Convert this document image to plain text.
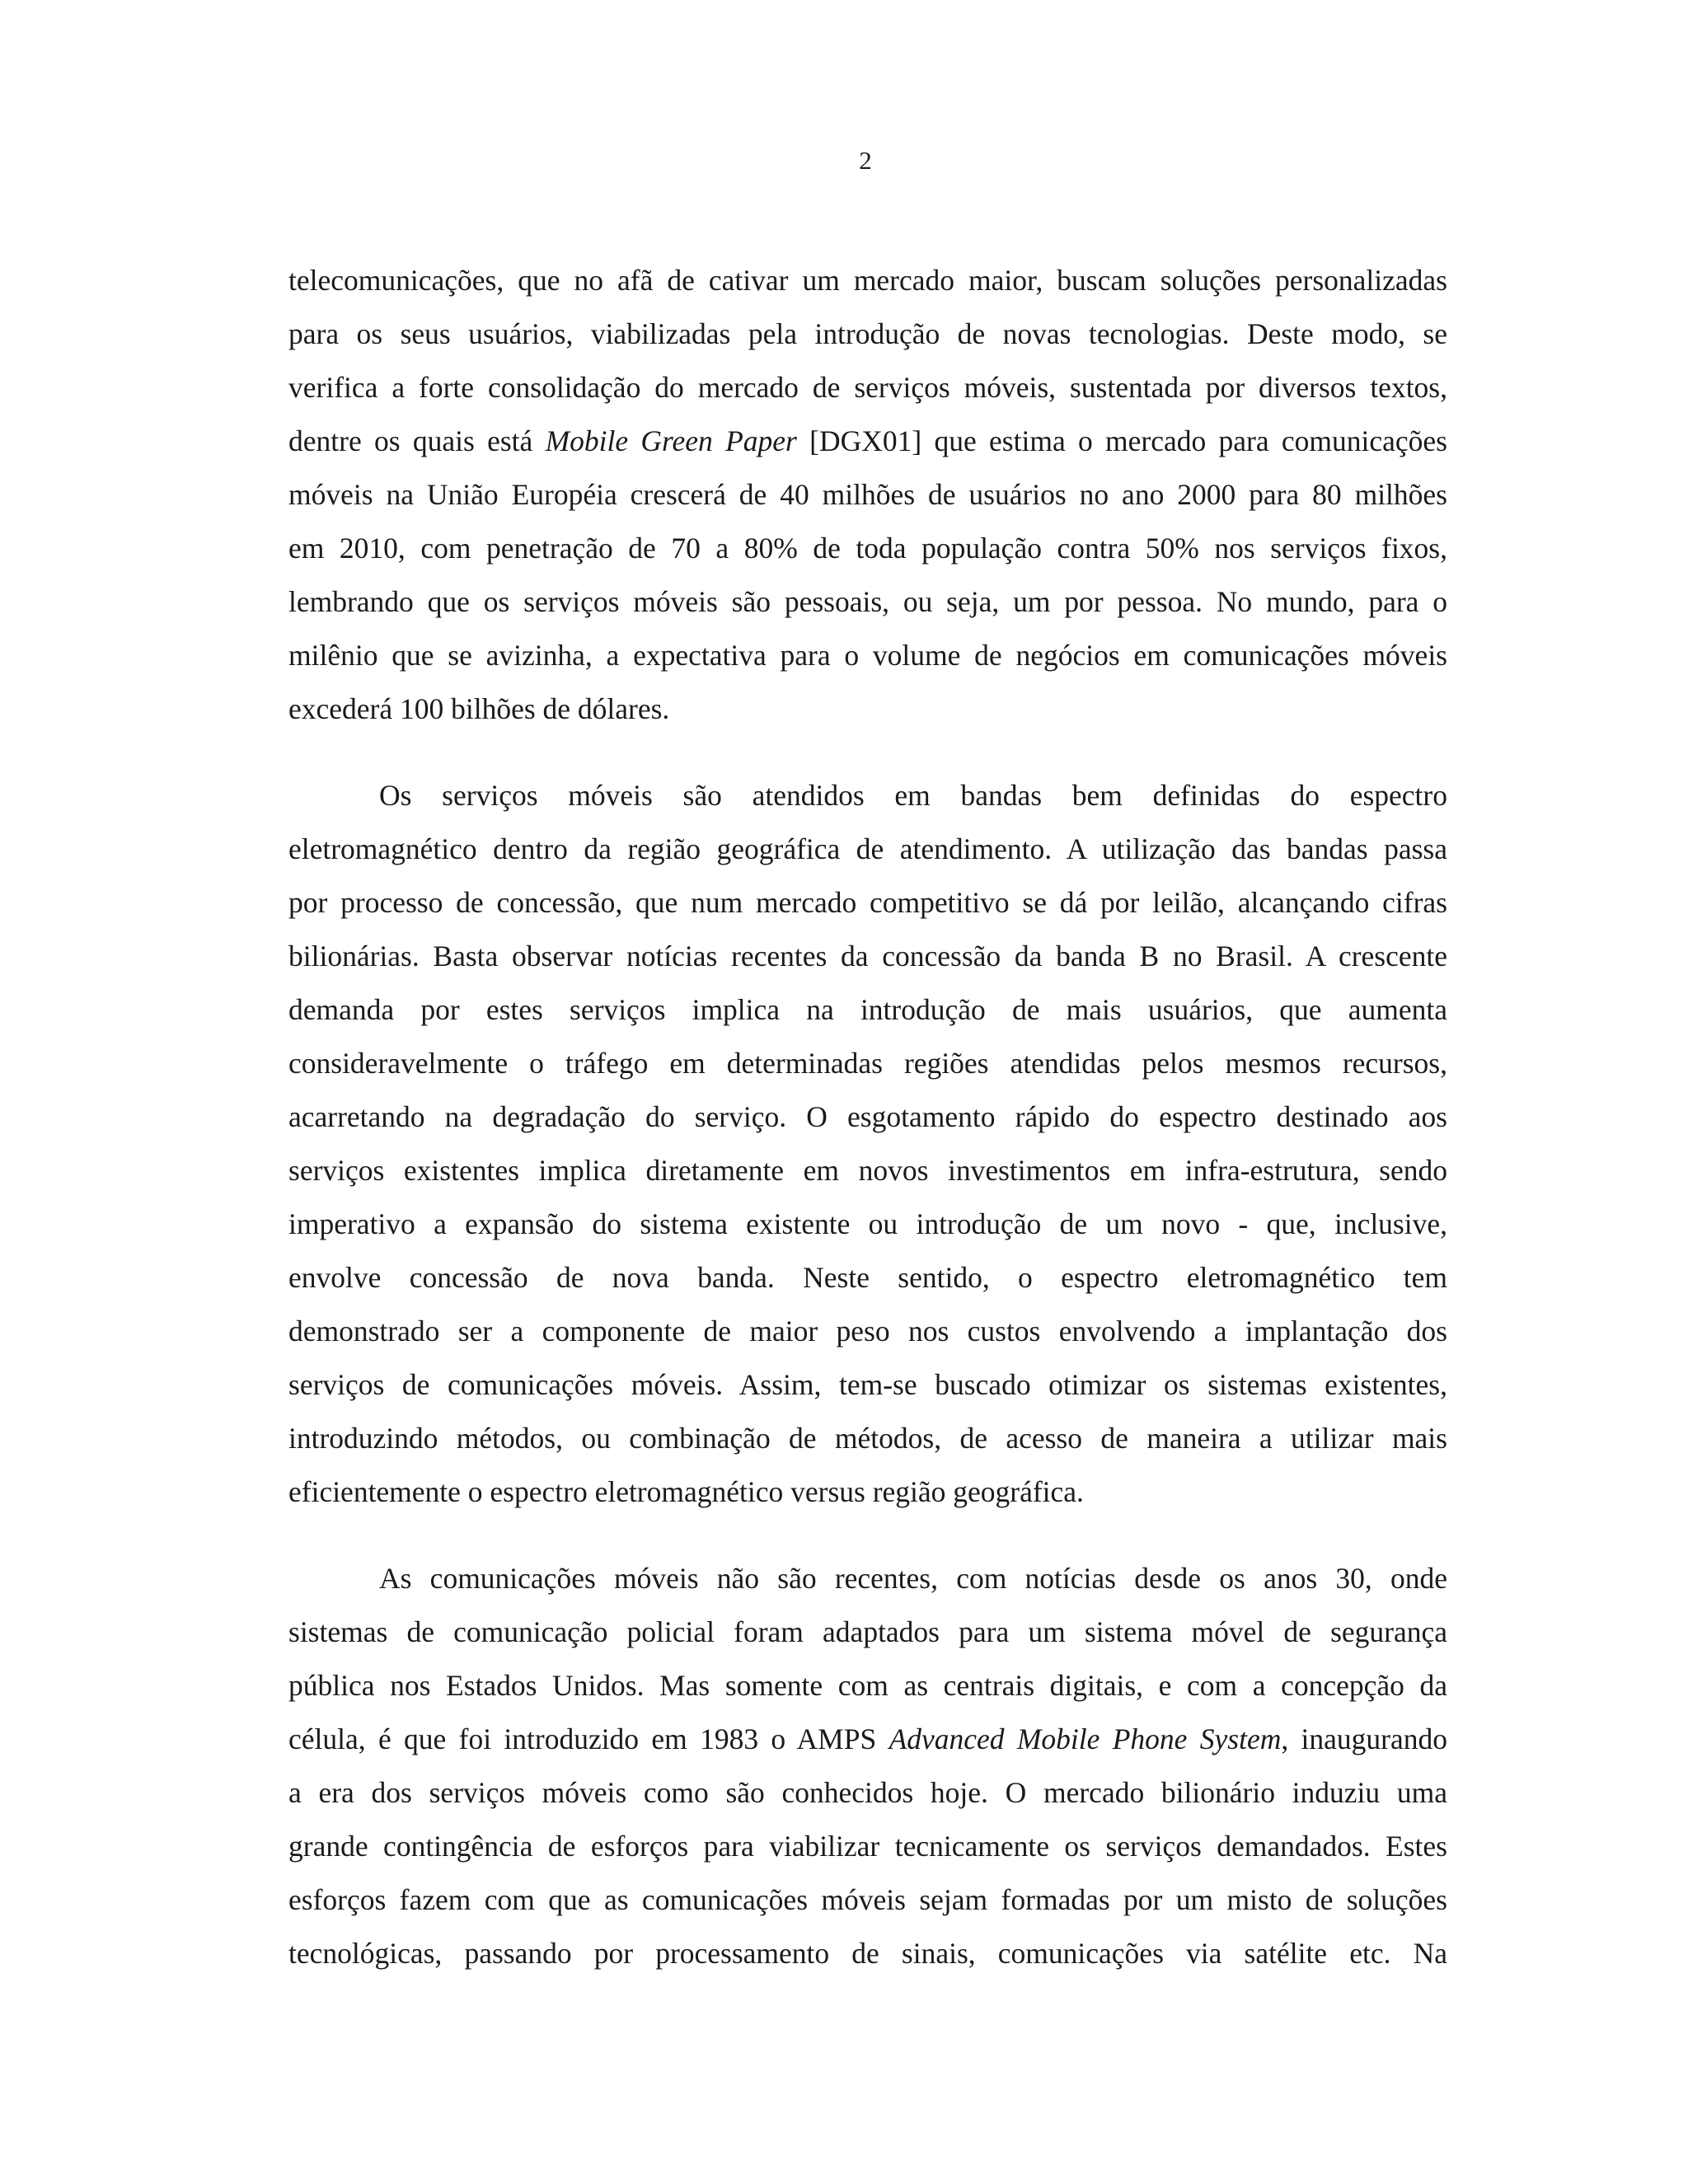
2

telecomunicações, que no afã de cativar um mercado maior, buscam soluções personalizadas
para os seus usuários, viabilizadas pela introdução de novas tecnologias. Deste modo, se
verifica a forte consolidação do mercado de serviços móveis, sustentada por diversos textos,
dentre os quais está Mobile Green Paper [DGX01] que estima o mercado para comunicações
móveis na União Européia crescerá de 40 milhões de usuários no ano 2000 para 80 milhões
em 2010, com penetração de 70 a 80% de toda população contra 50% nos serviços fixos,
lembrando que os serviços móveis são pessoais, ou seja, um por pessoa. No mundo, para o
milênio que se avizinha, a expectativa para o volume de negócios em comunicações móveis
excederá 100 bilhões de dólares.

Os serviços móveis são atendidos em bandas bem definidas do espectro
eletromagnético dentro da região geográfica de atendimento. A utilização das bandas passa
por processo de concessão, que num mercado competitivo se dá por leilão, alcançando cifras
bilionárias. Basta observar notícias recentes da concessão da banda B no Brasil. A crescente
demanda por estes serviços implica na introdução de mais usuários, que aumenta
consideravelmente o tráfego em determinadas regiões atendidas pelos mesmos recursos,
acarretando na degradação do serviço. O esgotamento rápido do espectro destinado aos
serviços existentes implica diretamente em novos investimentos em infra-estrutura, sendo
imperativo a expansão do sistema existente ou introdução de um novo - que, inclusive,
envolve concessão de nova banda. Neste sentido, o espectro eletromagnético tem
demonstrado ser a componente de maior peso nos custos envolvendo a implantação dos
serviços de comunicações móveis. Assim, tem-se buscado otimizar os sistemas existentes,
introduzindo métodos, ou combinação de métodos, de acesso de maneira a utilizar mais
eficientemente o espectro eletromagnético versus região geográfica.

As comunicações móveis não são recentes, com notícias desde os anos 30, onde
sistemas de comunicação policial foram adaptados para um sistema móvel de segurança
pública nos Estados Unidos. Mas somente com as centrais digitais, e com a concepção da
célula, é que foi introduzido em 1983 o AMPS Advanced Mobile Phone System, inaugurando
a era dos serviços móveis como são conhecidos hoje. O mercado bilionário induziu uma
grande contingência de esforços para viabilizar tecnicamente os serviços demandados. Estes
esforços fazem com que as comunicações móveis sejam formadas por um misto de soluções
tecnológicas, passando por processamento de sinais, comunicações via satélite etc. Na
